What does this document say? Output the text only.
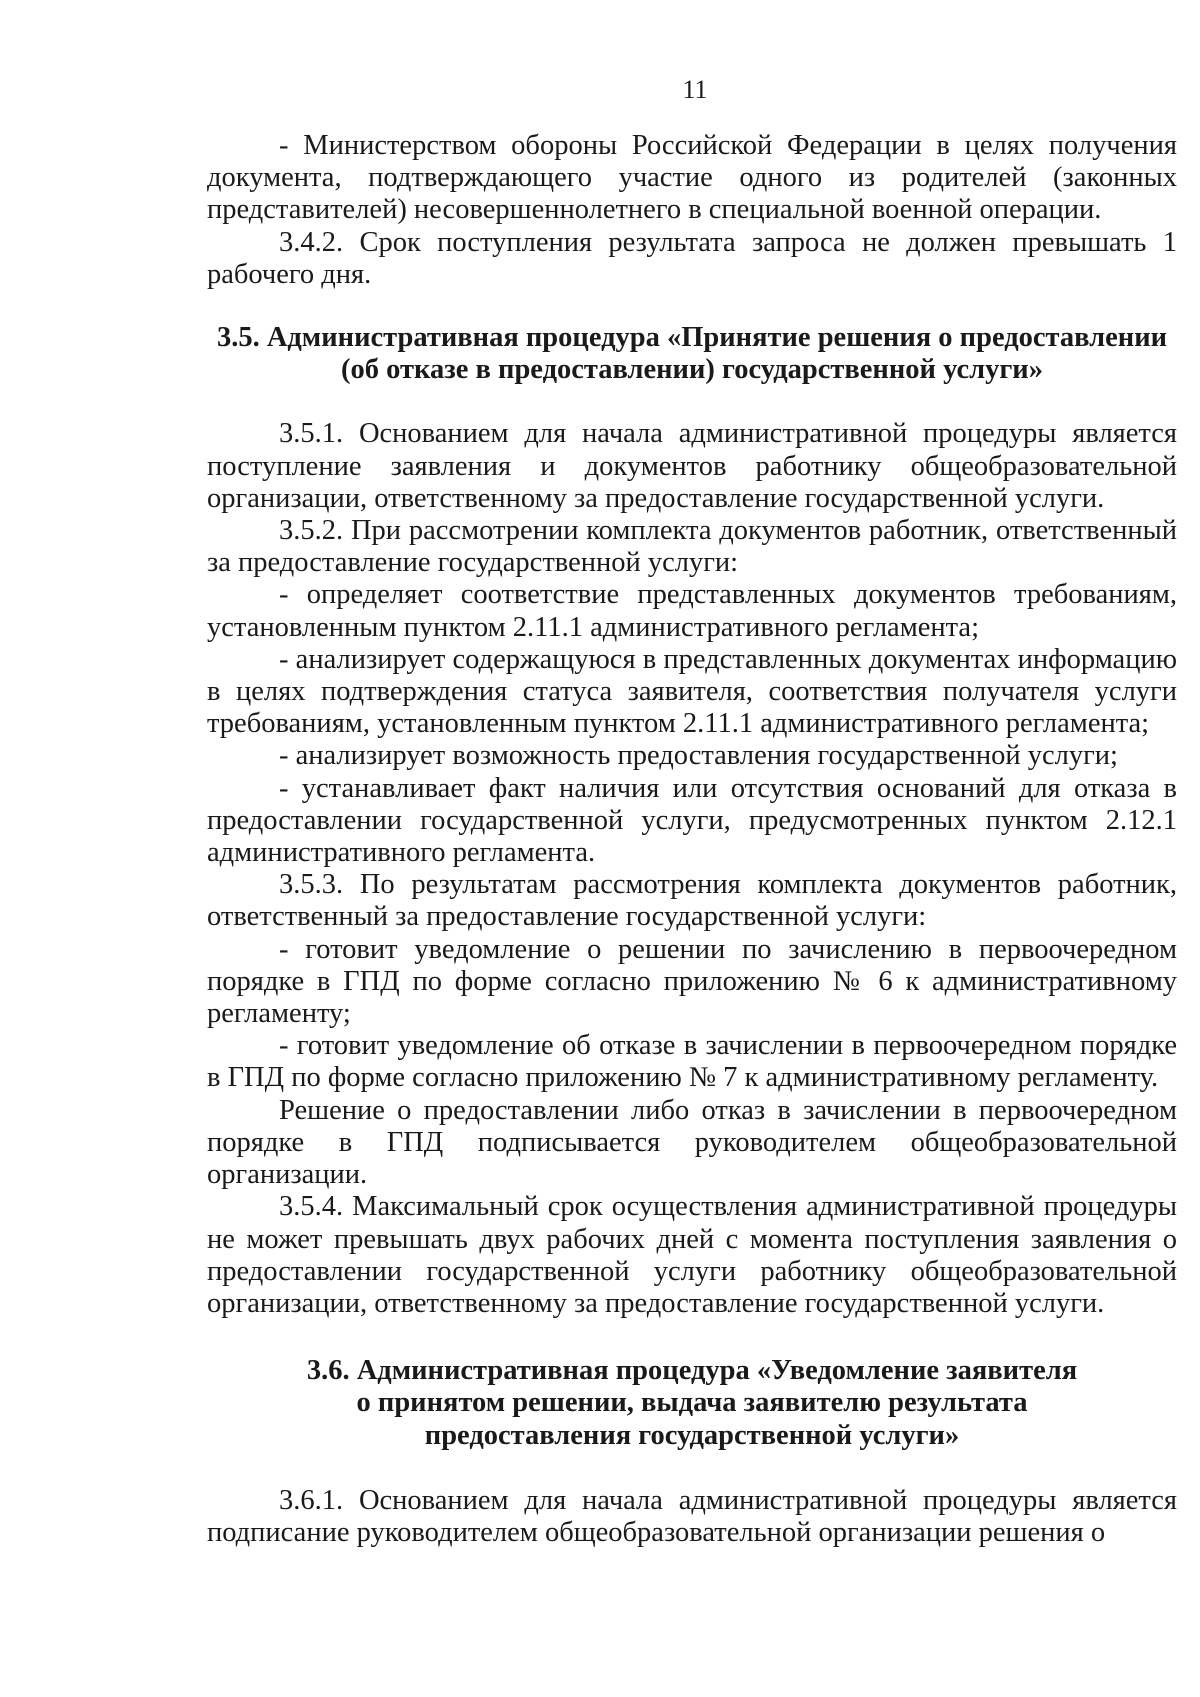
11

- Министерством обороны Российской Федерации в целях получения документа, подтверждающего участие одного из родителей (законных представителей) несовершеннолетнего в специальной военной операции.

3.4.2. Срок поступления результата запроса не должен превышать 1 рабочего дня.

3.5. Административная процедура «Принятие решения о предоставлении
(об отказе в предоставлении) государственной услуги»

3.5.1. Основанием для начала административной процедуры является поступление заявления и документов работнику общеобразовательной организации, ответственному за предоставление государственной услуги.

3.5.2. При рассмотрении комплекта документов работник, ответственный за предоставление государственной услуги:

- определяет соответствие представленных документов требованиям, установленным пунктом 2.11.1 административного регламента;

- анализирует содержащуюся в представленных документах информацию в целях подтверждения статуса заявителя, соответствия получателя услуги требованиям, установленным пунктом 2.11.1 административного регламента;

- анализирует возможность предоставления государственной услуги;

- устанавливает факт наличия или отсутствия оснований для отказа в предоставлении государственной услуги, предусмотренных пунктом 2.12.1 административного регламента.

3.5.3. По результатам рассмотрения комплекта документов работник, ответственный за предоставление государственной услуги:

- готовит уведомление о решении по зачислению в первоочередном порядке в ГПД по форме согласно приложению № 6 к административному регламенту;

- готовит уведомление об отказе в зачислении в первоочередном порядке в ГПД по форме согласно приложению № 7 к административному регламенту.

Решение о предоставлении либо отказ в зачислении в первоочередном порядке в ГПД подписывается руководителем общеобразовательной организации.

3.5.4. Максимальный срок осуществления административной процедуры не может превышать двух рабочих дней с момента поступления заявления о предоставлении государственной услуги работнику общеобразовательной организации, ответственному за предоставление государственной услуги.

3.6. Административная процедура «Уведомление заявителя
о принятом решении, выдача заявителю результата
предоставления государственной услуги»

3.6.1. Основанием для начала административной процедуры является подписание руководителем общеобразовательной организации решения о
